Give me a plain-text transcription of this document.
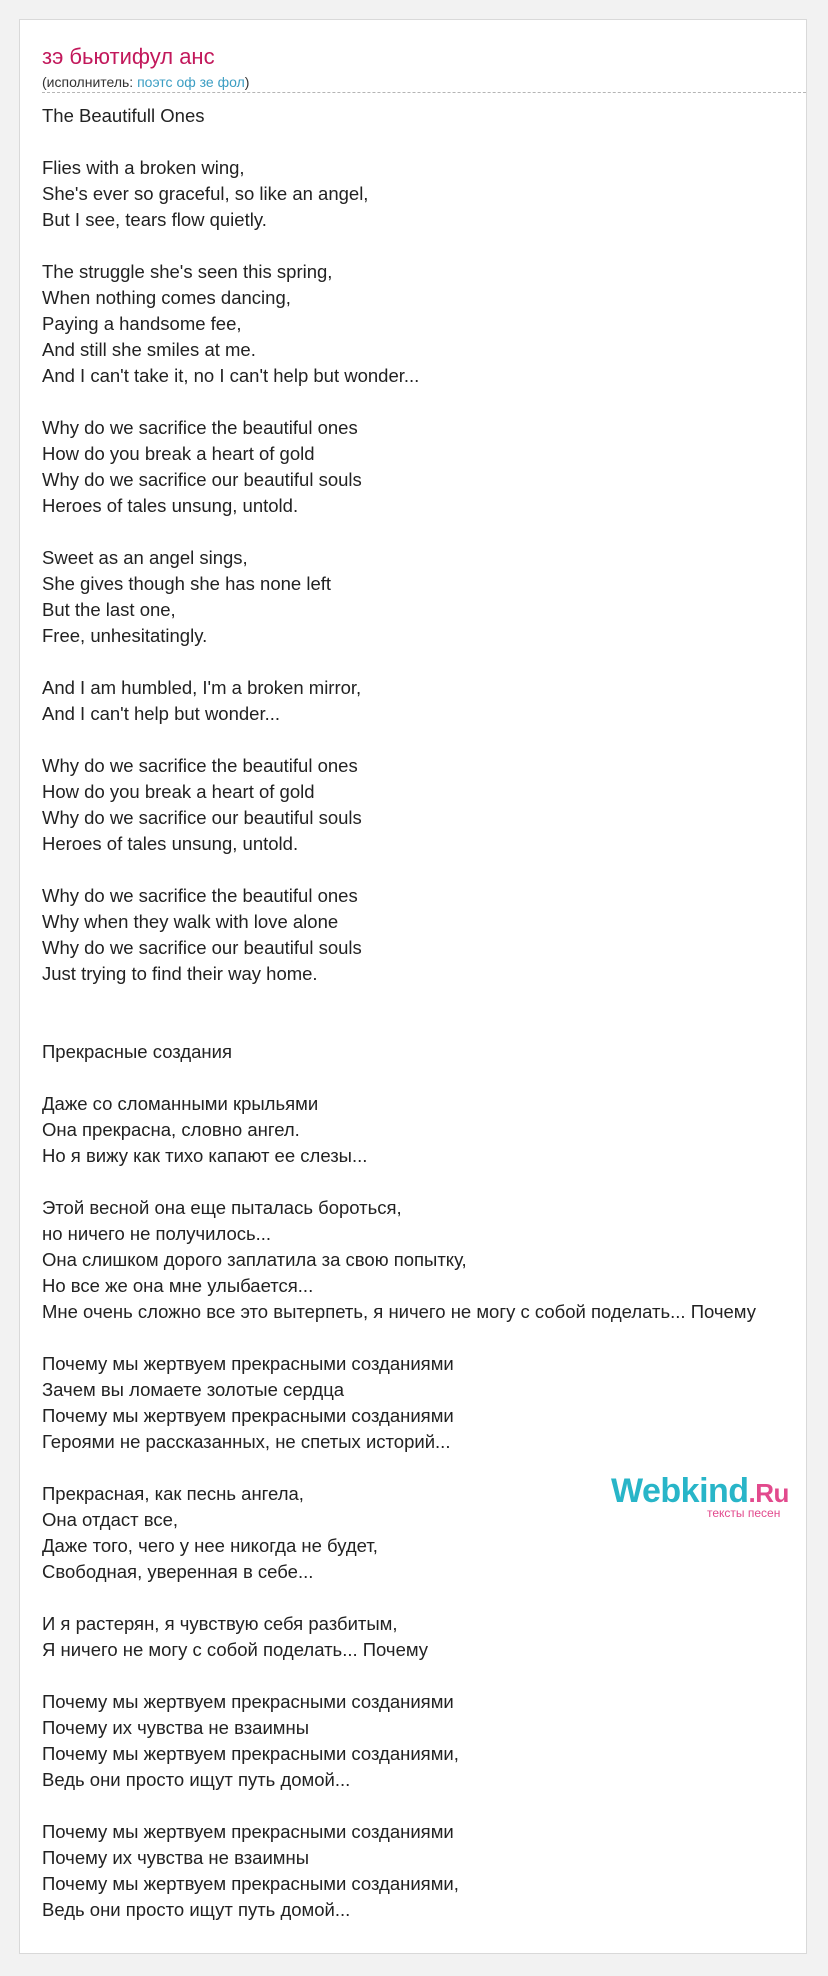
зэ бьютифул анс
(исполнитель: поэтс оф зе фол)
The Beautifull Ones
Flies with a broken wing,
She's ever so graceful, so like an angel,
But I see, tears flow quietly.
The struggle she's seen this spring,
When nothing comes dancing,
Paying a handsome fee,
And still she smiles at me.
And I can't take it, no I can't help but wonder...
Why do we sacrifice the beautiful ones
How do you break a heart of gold
Why do we sacrifice our beautiful souls
Heroes of tales unsung, untold.
Sweet as an angel sings,
She gives though she has none left
But the last one,
Free, unhesitatingly.
And I am humbled, I'm a broken mirror,
And I can't help but wonder...
Why do we sacrifice the beautiful ones
How do you break a heart of gold
Why do we sacrifice our beautiful souls
Heroes of tales unsung, untold.
Why do we sacrifice the beautiful ones
Why when they walk with love alone
Why do we sacrifice our beautiful souls
Just trying to find their way home.
Прекрасные создания
Даже со сломанными крыльями
Она прекрасна, словно ангел.
Но я вижу как тихо капают ее слезы...
Этой весной она еще пыталась бороться,
но ничего не получилось...
Она слишком дорого заплатила за свою попытку,
Но все же она мне улыбается...
Мне очень сложно все это вытерпеть, я ничего не могу с собой поделать... Почему
Почему мы жертвуем прекрасными созданиями
Зачем вы ломаете золотые сердца
Почему мы жертвуем прекрасными созданиями
Героями не рассказанных, не спетых историй...
Прекрасная, как песнь ангела,
Она отдаст все,
Даже того, чего у нее никогда не будет,
Свободная, уверенная в себе...
И я растерян, я чувствую себя разбитым,
Я ничего не могу с собой поделать... Почему
Почему мы жертвуем прекрасными созданиями
Почему их чувства не взаимны
Почему мы жертвуем прекрасными созданиями,
Ведь они просто ищут путь домой...
Почему мы жертвуем прекрасными созданиями
Почему их чувства не взаимны
Почему мы жертвуем прекрасными созданиями,
Ведь они просто ищут путь домой...
Webkind.Ru
тексты песен
